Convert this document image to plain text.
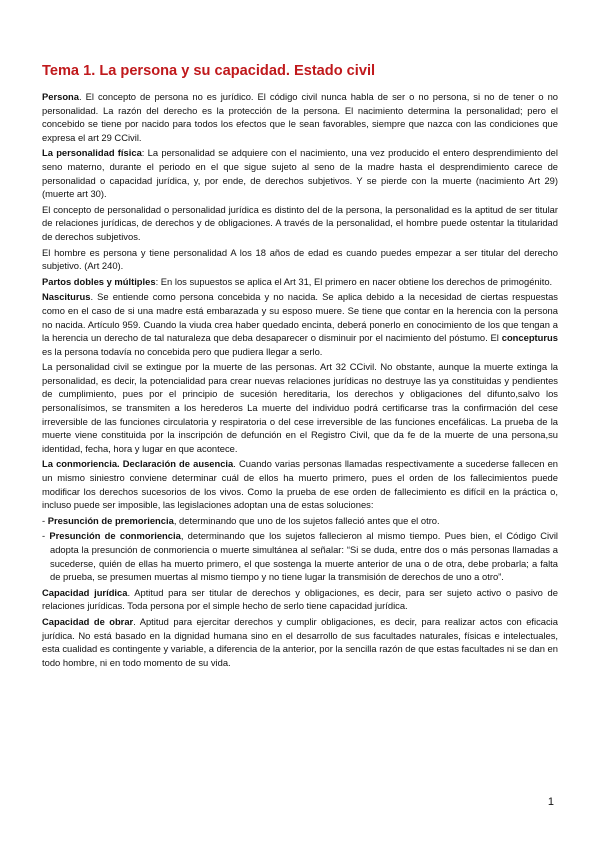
Tema 1. La persona y su capacidad. Estado civil

Persona. El concepto de persona no es jurídico. El código civil nunca habla de ser o no persona, si no de tener o no personalidad. La razón del derecho es la protección de la persona. El nacimiento determina la personalidad; pero el concebido se tiene por nacido para todos los efectos que le sean favorables, siempre que nazca con las condiciones que expresa el art 29 CCivil.

La personalidad física: La personalidad se adquiere con el nacimiento, una vez producido el entero desprendimiento del seno materno, durante el periodo en el que sigue sujeto al seno de la madre hasta el desprendimiento carece de personalidad o capacidad jurídica, y, por ende, de derechos subjetivos. Y se pierde con la muerte (nacimiento Art 29) (muerte art 30).

El concepto de personalidad o personalidad jurídica es distinto del de la persona, la personalidad es la aptitud de ser titular de relaciones jurídicas, de derechos y de obligaciones. A través de la personalidad, el hombre puede ostentar la titularidad de derechos subjetivos.

El hombre es persona y tiene personalidad A los 18 años de edad es cuando puedes empezar a ser titular del derecho subjetivo. (Art 240).

Partos dobles y múltiples: En los supuestos se aplica el Art 31, El primero en nacer obtiene los derechos de primogénito.

Nasciturus. Se entiende como persona concebida y no nacida. Se aplica debido a la necesidad de ciertas respuestas como en el caso de si una madre está embarazada y su esposo muere. Se tiene que contar en la herencia con la persona no nacida. Artículo 959. Cuando la viuda crea haber quedado encinta, deberá ponerlo en conocimiento de los que tengan a la herencia un derecho de tal naturaleza que deba desaparecer o disminuir por el nacimiento del póstumo. El concepturus es la persona todavía no concebida pero que pudiera llegar a serlo.

La personalidad civil se extingue por la muerte de las personas. Art 32 CCivil. No obstante, aunque la muerte extinga la personalidad, es decir, la potencialidad para crear nuevas relaciones jurídicas no destruye las ya constituidas y pendientes de cumplimiento, pues por el principio de sucesión hereditaria, los derechos y obligaciones del difunto,salvo los personalísimos, se transmiten a los herederos La muerte del individuo podrá certificarse tras la confirmación del cese irreversible de las funciones circulatoria y respiratoria o del cese irreversible de las funciones encefálicas. La prueba de la muerte viene constituida por la inscripción de defunción en el Registro Civil, que da fe de la muerte de una persona,su identidad, fecha, hora y lugar en que acontece.

La conmoriencia. Declaración de ausencia. Cuando varias personas llamadas respectivamente a sucederse fallecen en un mismo siniestro conviene determinar cuál de ellos ha muerto primero, pues el orden de los fallecimientos puede modificar los derechos sucesorios de los vivos. Como la prueba de ese orden de fallecimiento es difícil en la práctica o, incluso puede ser imposible, las legislaciones adoptan una de estas soluciones:

- Presunción de premoriencia, determinando que uno de los sujetos falleció antes que el otro.

- Presunción de conmoriencia, determinando que los sujetos fallecieron al mismo tiempo. Pues bien, el Código Civil adopta la presunción de conmoriencia o muerte simultánea al señalar: “Si se duda, entre dos o más personas llamadas a sucederse, quién de ellas ha muerto primero, el que sostenga la muerte anterior de una o de otra, debe probarla; a falta de prueba, se presumen muertas al mismo tiempo y no tiene lugar la transmisión de derechos de uno a otro”.

Capacidad jurídica. Aptitud para ser titular de derechos y obligaciones, es decir, para ser sujeto activo o pasivo de relaciones jurídicas. Toda persona por el simple hecho de serlo tiene capacidad jurídica.

Capacidad de obrar. Aptitud para ejercitar derechos y cumplir obligaciones, es decir, para realizar actos con eficacia jurídica. No está basado en la dignidad humana sino en el desarrollo de sus facultades naturales, físicas e intelectuales, esta cualidad es contingente y variable, a diferencia de la anterior, por la sencilla razón de que estas facultades ni se dan en todo hombre, ni en todo momento de su vida.

1
